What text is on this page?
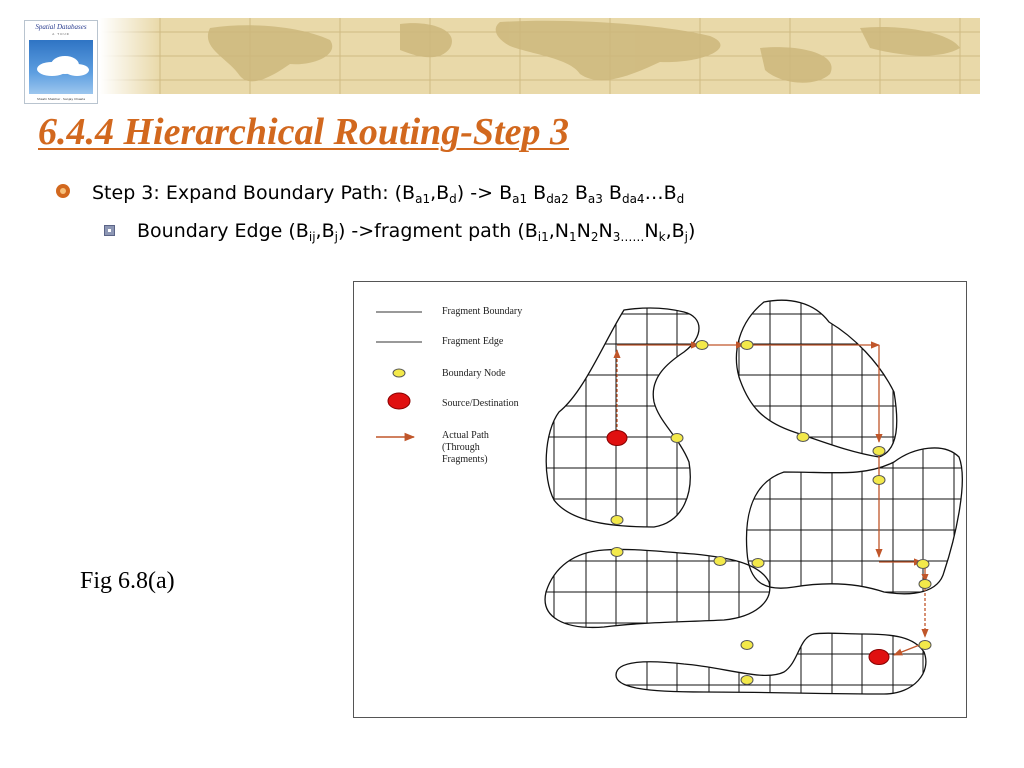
Spatial Databases
A TOUR
Shashi Shekhar · Sanjay Chawla
6.4.4 Hierarchical Routing-Step 3
Step 3: Expand Boundary Path: $(B_{a1},B_d) -> B_{a1}$ $B_{da2}$ $B_{a3}$ $B_{da4}\dots B_d$
Boundary Edge $(B_{ij},B_j)$ ->fragment path $(B_{i1},N_1N_2N_{3\dots\dots}N_k,B_j)$
Fig 6.8(a)
Fragment Boundary
Fragment Edge
Boundary Node
Source/Destination
Actual Path
(Through
Fragments)
